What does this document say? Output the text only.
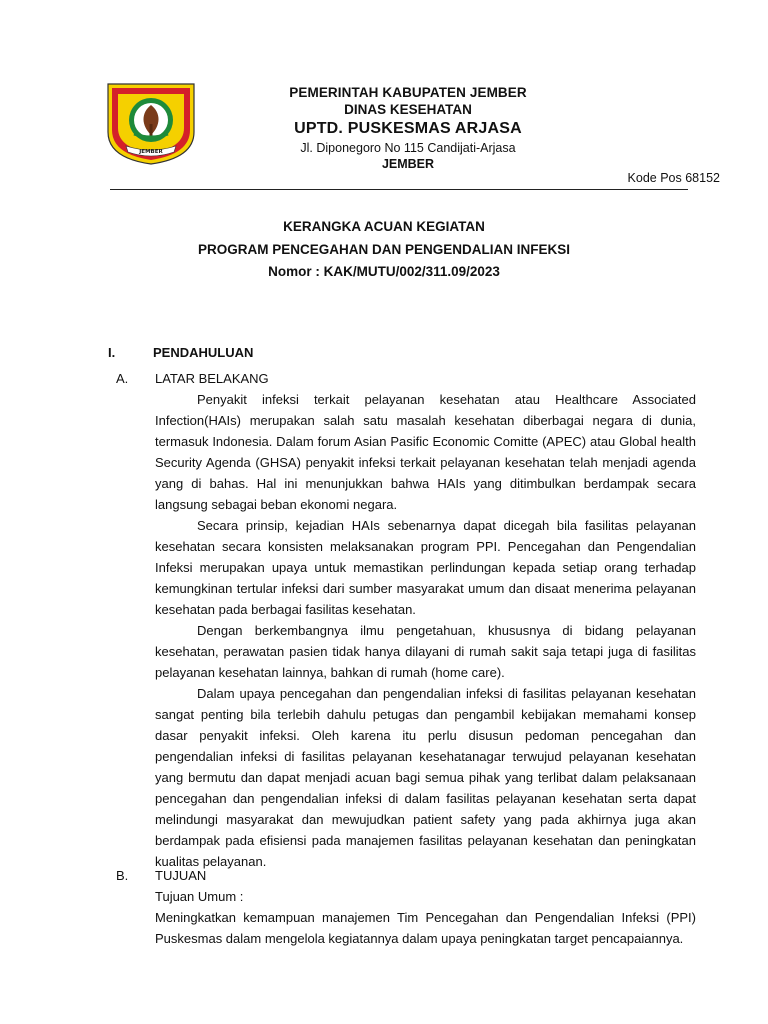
JEMBER
PEMERINTAH KABUPATEN JEMBER
DINAS KESEHATAN
UPTD. PUSKESMAS ARJASA
Jl. Diponegoro No 115 Candijati-Arjasa
JEMBER
Kode Pos 68152
KERANGKA ACUAN KEGIATAN
PROGRAM PENCEGAHAN DAN PENGENDALIAN INFEKSI
Nomor : KAK/MUTU/002/311.09/2023
I.	PENDAHULUAN
A. LATAR BELAKANG

Penyakit infeksi terkait pelayanan kesehatan atau Healthcare Associated Infection(HAIs) merupakan salah satu masalah kesehatan diberbagai negara di dunia, termasuk Indonesia. Dalam forum Asian Pasific Economic Comitte (APEC) atau Global health Security Agenda (GHSA) penyakit infeksi terkait pelayanan kesehatan telah menjadi agenda yang di bahas. Hal ini menunjukkan bahwa HAIs yang ditimbulkan berdampak secara langsung sebagai beban ekonomi negara.

Secara prinsip, kejadian HAIs sebenarnya dapat dicegah bila fasilitas pelayanan kesehatan secara konsisten melaksanakan program PPI. Pencegahan dan Pengendalian Infeksi merupakan upaya untuk memastikan perlindungan kepada setiap orang terhadap kemungkinan tertular infeksi dari sumber masyarakat umum dan disaat menerima pelayanan kesehatan pada berbagai fasilitas kesehatan.

Dengan berkembangnya ilmu pengetahuan, khususnya di bidang pelayanan kesehatan, perawatan pasien tidak hanya dilayani di rumah sakit saja tetapi juga di fasilitas pelayanan kesehatan lainnya, bahkan di rumah (home care).

Dalam upaya pencegahan dan pengendalian infeksi di fasilitas pelayanan kesehatan sangat penting bila terlebih dahulu petugas dan pengambil kebijakan memahami konsep dasar penyakit infeksi. Oleh karena itu perlu disusun pedoman pencegahan dan pengendalian infeksi di fasilitas pelayanan kesehatanagar terwujud pelayanan kesehatan yang bermutu dan dapat menjadi acuan bagi semua pihak yang terlibat dalam pelaksanaan pencegahan dan pengendalian infeksi di dalam fasilitas pelayanan kesehatan serta dapat melindungi masyarakat dan mewujudkan patient safety yang pada akhirnya juga akan berdampak pada efisiensi pada manajemen fasilitas pelayanan kesehatan dan peningkatan kualitas pelayanan.

B. TUJUAN

Tujuan Umum :

Meningkatkan kemampuan manajemen Tim Pencegahan dan Pengendalian Infeksi (PPI) Puskesmas dalam mengelola kegiatannya dalam upaya peningkatan target pencapaiannya.
